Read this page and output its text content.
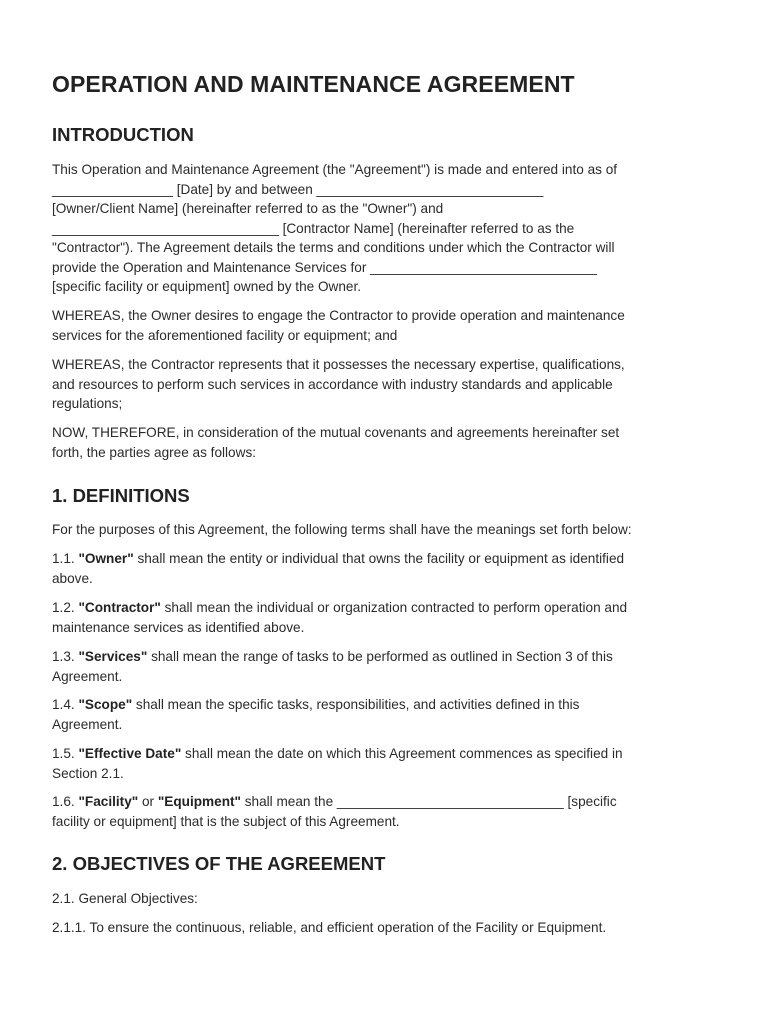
OPERATION AND MAINTENANCE AGREEMENT
INTRODUCTION

This Operation and Maintenance Agreement (the "Agreement") is made and entered into as of
________________ [Date] by and between ______________________________
[Owner/Client Name] (hereinafter referred to as the "Owner") and
______________________________ [Contractor Name] (hereinafter referred to as the
"Contractor"). The Agreement details the terms and conditions under which the Contractor will
provide the Operation and Maintenance Services for ______________________________
[specific facility or equipment] owned by the Owner.

WHEREAS, the Owner desires to engage the Contractor to provide operation and maintenance
services for the aforementioned facility or equipment; and

WHEREAS, the Contractor represents that it possesses the necessary expertise, qualifications,
and resources to perform such services in accordance with industry standards and applicable
regulations;

NOW, THEREFORE, in consideration of the mutual covenants and agreements hereinafter set
forth, the parties agree as follows:

1. DEFINITIONS

For the purposes of this Agreement, the following terms shall have the meanings set forth below:

1.1. "Owner" shall mean the entity or individual that owns the facility or equipment as identified
above.

1.2. "Contractor" shall mean the individual or organization contracted to perform operation and
maintenance services as identified above.

1.3. "Services" shall mean the range of tasks to be performed as outlined in Section 3 of this
Agreement.

1.4. "Scope" shall mean the specific tasks, responsibilities, and activities defined in this
Agreement.

1.5. "Effective Date" shall mean the date on which this Agreement commences as specified in
Section 2.1.

1.6. "Facility" or "Equipment" shall mean the ______________________________ [specific
facility or equipment] that is the subject of this Agreement.

2. OBJECTIVES OF THE AGREEMENT

2.1. General Objectives:

2.1.1. To ensure the continuous, reliable, and efficient operation of the Facility or Equipment.
